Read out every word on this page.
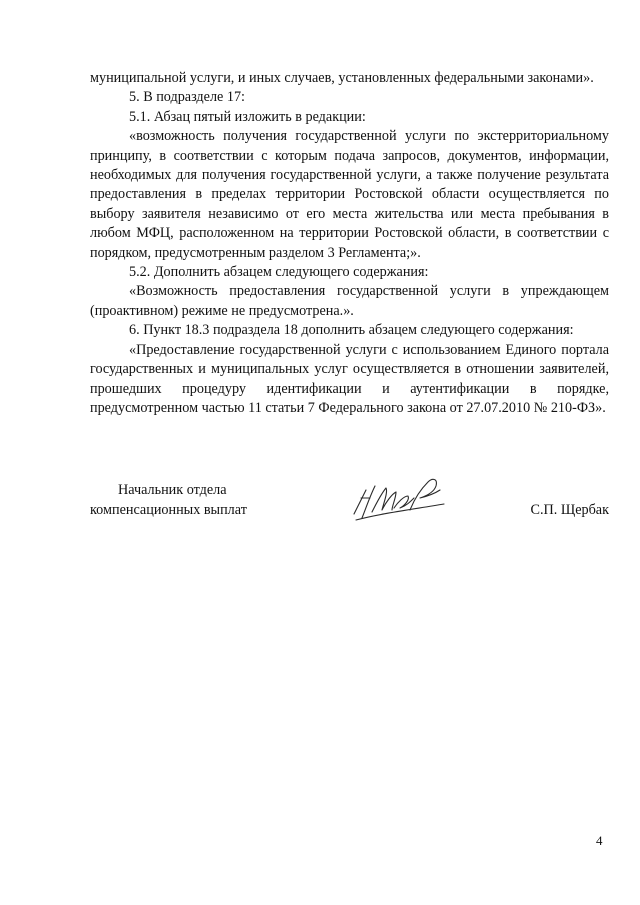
муниципальной услуги, и иных случаев, установленных федеральными законами».

5. В подразделе 17:

5.1. Абзац пятый изложить в редакции:

«возможность получения государственной услуги по экстерриториальному принципу, в соответствии с которым подача запросов, документов, информации, необходимых для получения государственной услуги, а также получение результата предоставления в пределах территории Ростовской области осуществляется по выбору заявителя независимо от его места жительства или места пребывания в любом МФЦ, расположенном на территории Ростовской области, в соответствии с порядком, предусмотренным разделом 3 Регламента;».

5.2. Дополнить абзацем следующего содержания:

«Возможность предоставления государственной услуги в упреждающем (проактивном) режиме не предусмотрена.».

6. Пункт 18.3 подраздела 18 дополнить абзацем следующего содержания:

«Предоставление государственной услуги с использованием Единого портала государственных и муниципальных услуг осуществляется в отношении заявителей, прошедших процедуру идентификации и аутентификации в порядке, предусмотренном частью 11 статьи 7 Федерального закона от 27.07.2010 № 210-ФЗ».

Начальник отдела
компенсационных выплат	С.П. Щербак
4
